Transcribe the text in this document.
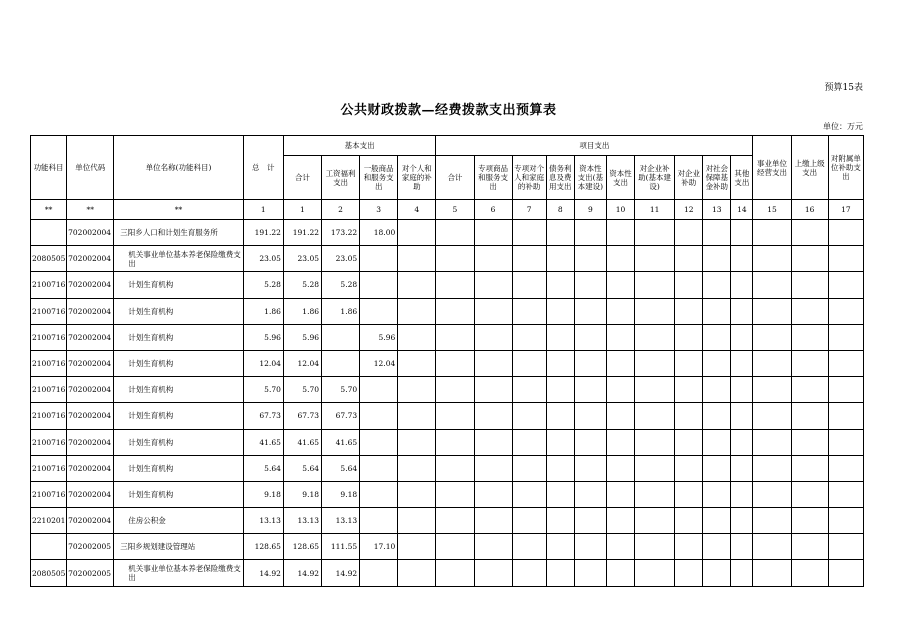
预算15表
公共财政拨款—经费拨款支出预算表
单位：万元
功能科目	单位代码	单位名称(功能科目)	总　计	基本支出				项目支出										事业单位经营支出	上缴上级支出	对附属单位补助支出
				合计	工资福利支出	一般商品和服务支出	对个人和家庭的补助	合计	专项商品和服务支出	专项对个人和家庭的补助	债务利息及费用支出	资本性支出(基本建设)	资本性支出	对企业补助(基本建设)	对企业补助	对社会保障基金补助	其他支出			
**	**	**	1	1	2	3	4	5	6	7	8	9	10	11	12	13	14	15	16	17
	702002004	三阳乡人口和计划生育服务所	191.22	191.22	173.22	18.00														
2080505	702002004	机关事业单位基本养老保险缴费支出	23.05	23.05	23.05															
2100716	702002004	计划生育机构	5.28	5.28	5.28															
2100716	702002004	计划生育机构	1.86	1.86	1.86															
2100716	702002004	计划生育机构	5.96	5.96		5.96														
2100716	702002004	计划生育机构	12.04	12.04		12.04														
2100716	702002004	计划生育机构	5.70	5.70	5.70															
2100716	702002004	计划生育机构	67.73	67.73	67.73															
2100716	702002004	计划生育机构	41.65	41.65	41.65															
2100716	702002004	计划生育机构	5.64	5.64	5.64															
2100716	702002004	计划生育机构	9.18	9.18	9.18															
2210201	702002004	住房公积金	13.13	13.13	13.13															
	702002005	三阳乡规划建设管理站	128.65	128.65	111.55	17.10														
2080505	702002005	机关事业单位基本养老保险缴费支出	14.92	14.92	14.92															
